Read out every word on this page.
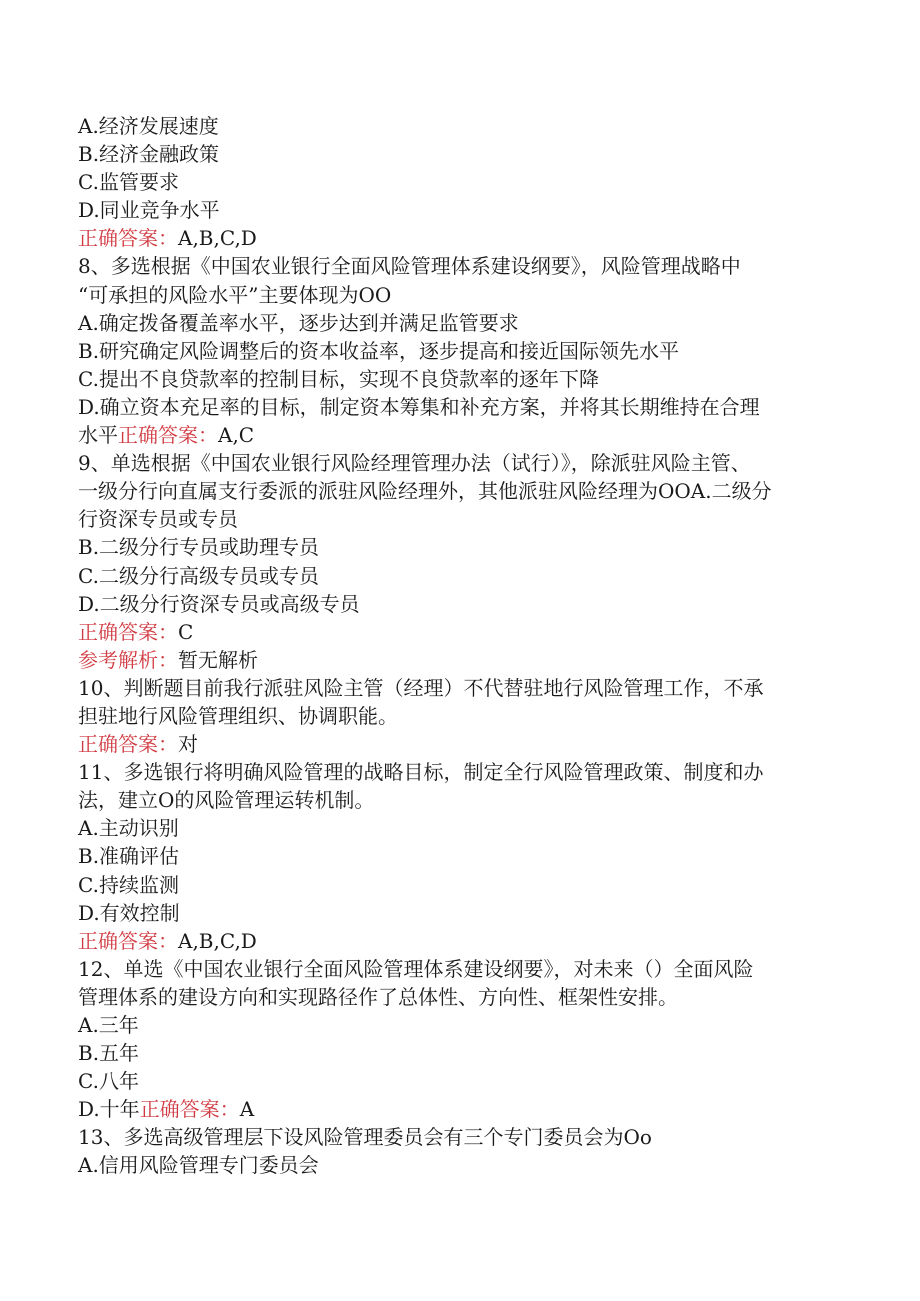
A.经济发展速度
B.经济金融政策
C.监管要求
D.同业竞争水平
正确答案：A,B,C,D
8、多选根据《中国农业银行全面风险管理体系建设纲要》，风险管理战略中
“可承担的风险水平”主要体现为OO
A.确定拨备覆盖率水平，逐步达到并满足监管要求
B.研究确定风险调整后的资本收益率，逐步提高和接近国际领先水平
C.提出不良贷款率的控制目标，实现不良贷款率的逐年下降
D.确立资本充足率的目标，制定资本筹集和补充方案，并将其长期维持在合理
水平正确答案：A,C
9、单选根据《中国农业银行风险经理管理办法（试行）》，除派驻风险主管、
一级分行向直属支行委派的派驻风险经理外，其他派驻风险经理为OOA.二级分
行资深专员或专员
B.二级分行专员或助理专员
C.二级分行高级专员或专员
D.二级分行资深专员或高级专员
正确答案：C
参考解析：暂无解析
10、判断题目前我行派驻风险主管（经理）不代替驻地行风险管理工作，不承
担驻地行风险管理组织、协调职能。
正确答案：对
11、多选银行将明确风险管理的战略目标，制定全行风险管理政策、制度和办
法，建立O的风险管理运转机制。
A.主动识别
B.准确评估
C.持续监测
D.有效控制
正确答案：A,B,C,D
12、单选《中国农业银行全面风险管理体系建设纲要》，对未来（）全面风险
管理体系的建设方向和实现路径作了总体性、方向性、框架性安排。
A.三年
B.五年
C.八年
D.十年正确答案：A
13、多选高级管理层下设风险管理委员会有三个专门委员会为Oo
A.信用风险管理专门委员会
